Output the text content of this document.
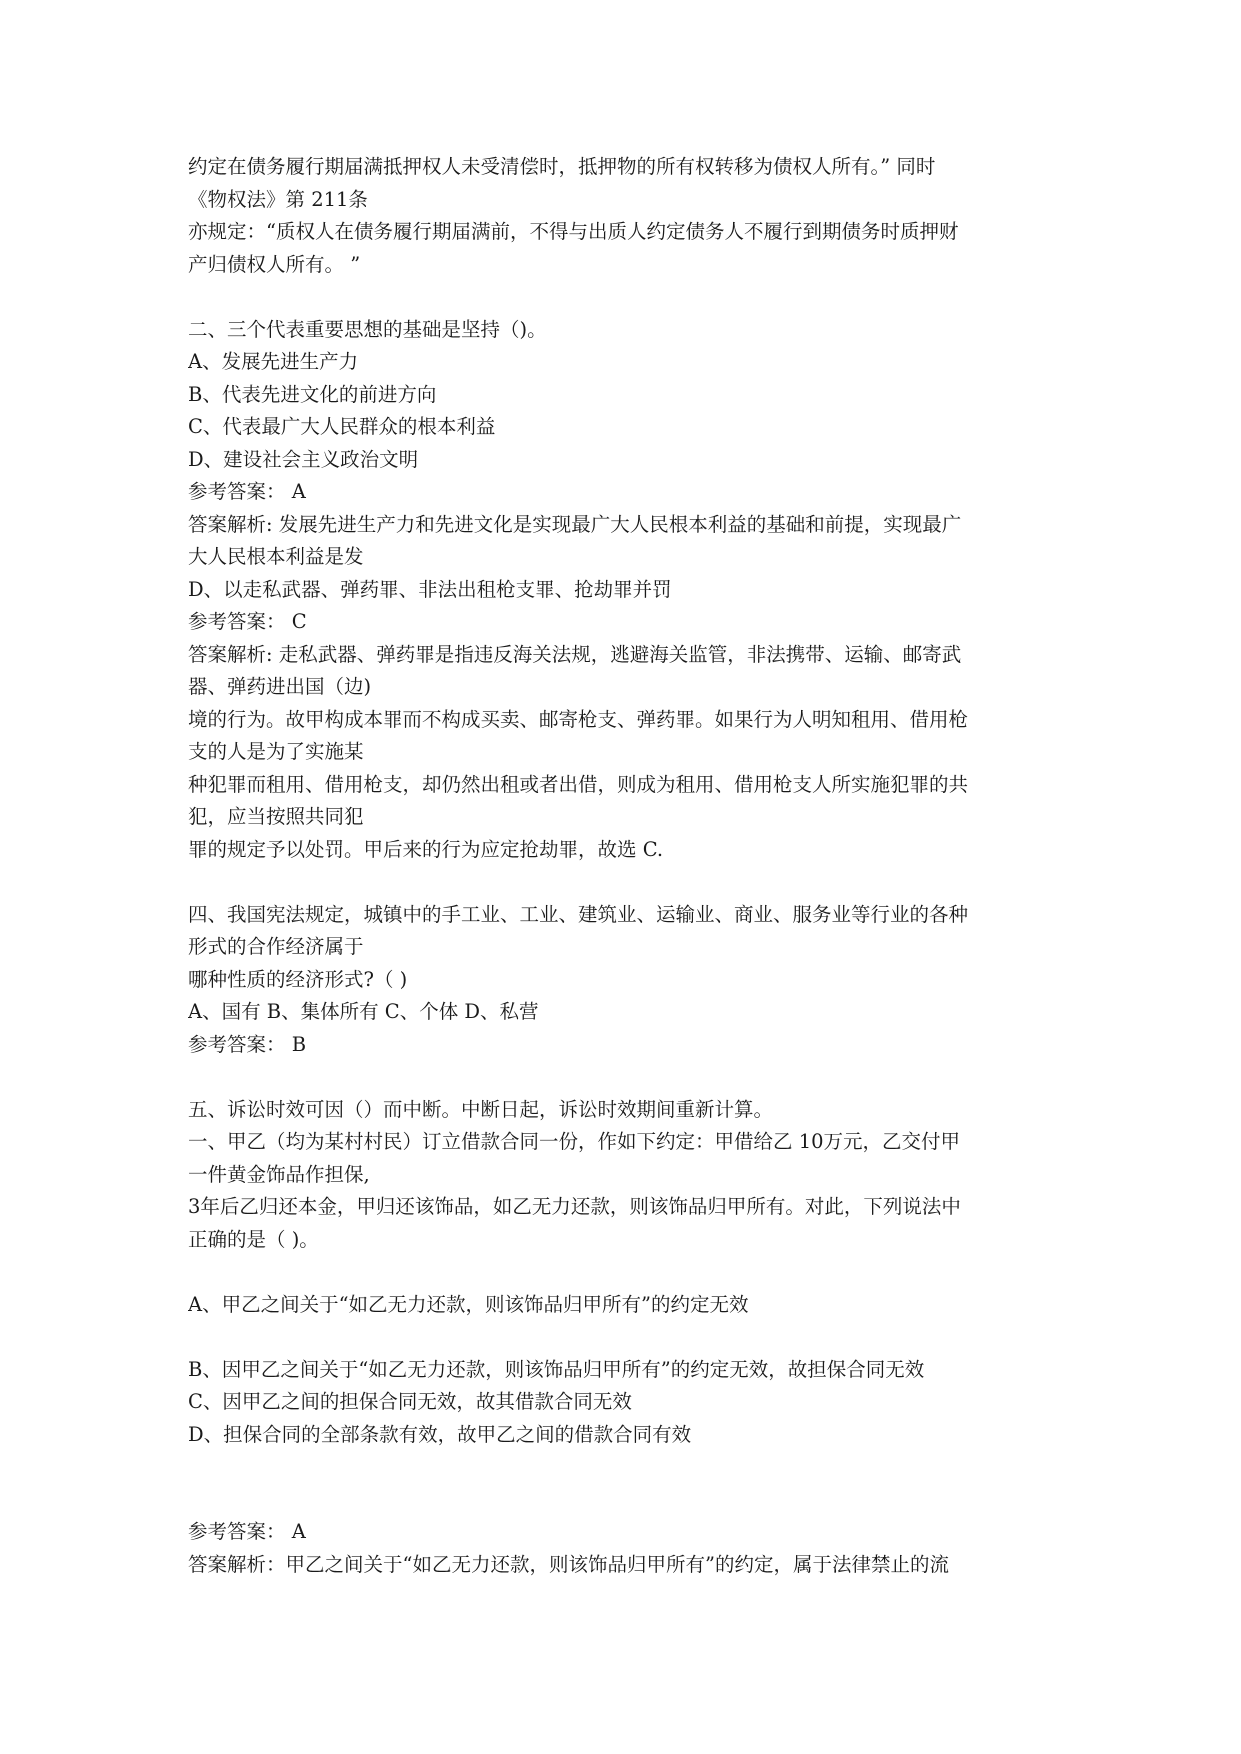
约定在债务履行期届满抵押权人未受清偿时，抵押物的所有权转移为债权人所有。” 同时
《物权法》第 211条
亦规定：“质权人在债务履行期届满前，不得与出质人约定债务人不履行到期债务时质押财
产归债权人所有。 ”
二、三个代表重要思想的基础是坚持（)。
A、发展先进生产力
B、代表先进文化的前进方向
C、代表最广大人民群众的根本利益
D、建设社会主义政治文明
参考答案： A
答案解析: 发展先进生产力和先进文化是实现最广大人民根本利益的基础和前提，实现最广
大人民根本利益是发
D、以走私武器、弹药罪、非法出租枪支罪、抢劫罪并罚
参考答案： C
答案解析: 走私武器、弹药罪是指违反海关法规，逃避海关监管，非法携带、运输、邮寄武
器、弹药进出国（边)
境的行为。故甲构成本罪而不构成买卖、邮寄枪支、弹药罪。如果行为人明知租用、借用枪
支的人是为了实施某
种犯罪而租用、借用枪支，却仍然出租或者出借，则成为租用、借用枪支人所实施犯罪的共
犯，应当按照共同犯
罪的规定予以处罚。甲后来的行为应定抢劫罪，故选 C.
四、我国宪法规定，城镇中的手工业、工业、建筑业、运输业、商业、服务业等行业的各种
形式的合作经济属于
哪种性质的经济形式?（ )
A、国有 B、集体所有 C、个体 D、私营
参考答案： B
五、诉讼时效可因（）而中断。中断日起，诉讼时效期间重新计算。
一、甲乙（均为某村村民）订立借款合同一份，作如下约定：甲借给乙 10万元，乙交付甲
一件黄金饰品作担保,
3年后乙归还本金，甲归还该饰品，如乙无力还款，则该饰品归甲所有。对此，下列说法中
正确的是（ )。
A、甲乙之间关于“如乙无力还款，则该饰品归甲所有”的约定无效
B、因甲乙之间关于“如乙无力还款，则该饰品归甲所有”的约定无效，故担保合同无效
C、因甲乙之间的担保合同无效，故其借款合同无效
D、担保合同的全部条款有效，故甲乙之间的借款合同有效
参考答案： A
答案解析：甲乙之间关于“如乙无力还款，则该饰品归甲所有”的约定，属于法律禁止的流
